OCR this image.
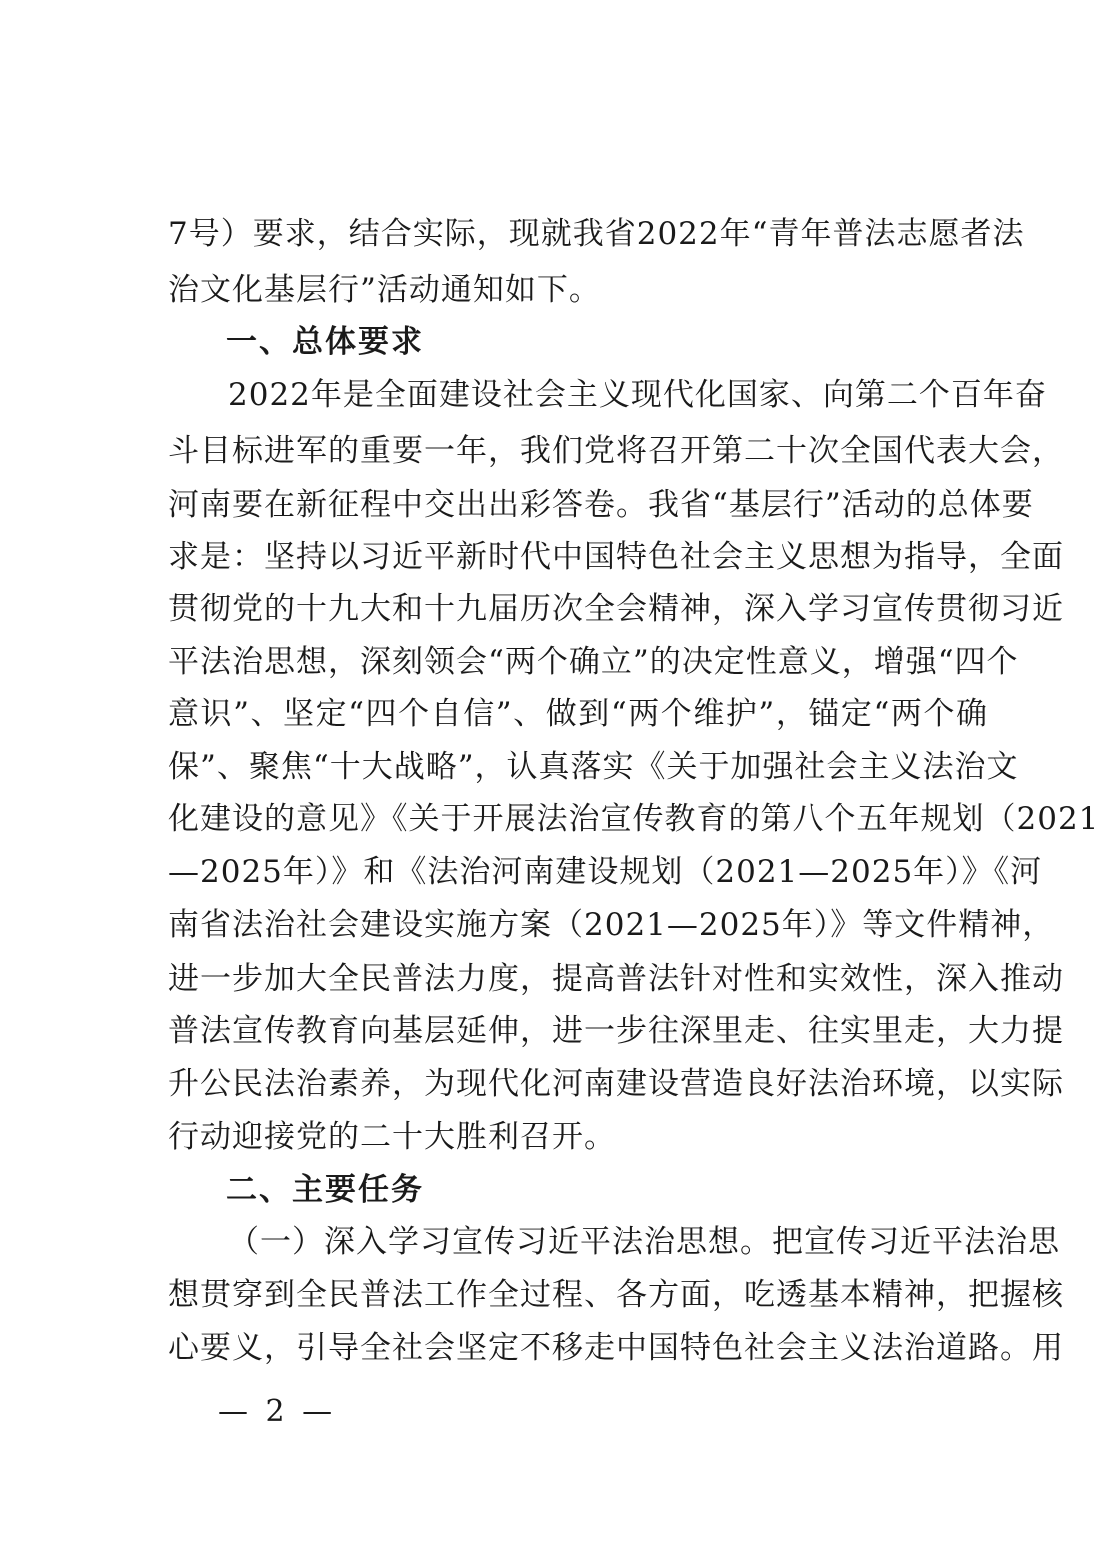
7号）要求，结合实际，现就我省2022年“青年普法志愿者法
治文化基层行”活动通知如下。
一、总体要求
2022年是全面建设社会主义现代化国家、向第二个百年奋
斗目标进军的重要一年，我们党将召开第二十次全国代表大会，
河南要在新征程中交出出彩答卷。我省“基层行”活动的总体要
求是：坚持以习近平新时代中国特色社会主义思想为指导，全面
贯彻党的十九大和十九届历次全会精神，深入学习宣传贯彻习近
平法治思想，深刻领会“两个确立”的决定性意义，增强“四个
意识”、坚定“四个自信”、做到“两个维护”，锚定“两个确
保”、聚焦“十大战略”，认真落实《关于加强社会主义法治文
化建设的意见》《关于开展法治宣传教育的第八个五年规划（2021
—2025年）》和《法治河南建设规划（2021—2025年）》《河
南省法治社会建设实施方案（2021—2025年）》等文件精神，
进一步加大全民普法力度，提高普法针对性和实效性，深入推动
普法宣传教育向基层延伸，进一步往深里走、往实里走，大力提
升公民法治素养，为现代化河南建设营造良好法治环境，以实际
行动迎接党的二十大胜利召开。
二、主要任务
（一）深入学习宣传习近平法治思想。把宣传习近平法治思
想贯穿到全民普法工作全过程、各方面，吃透基本精神，把握核
心要义，引导全社会坚定不移走中国特色社会主义法治道路。用
— 2 —
